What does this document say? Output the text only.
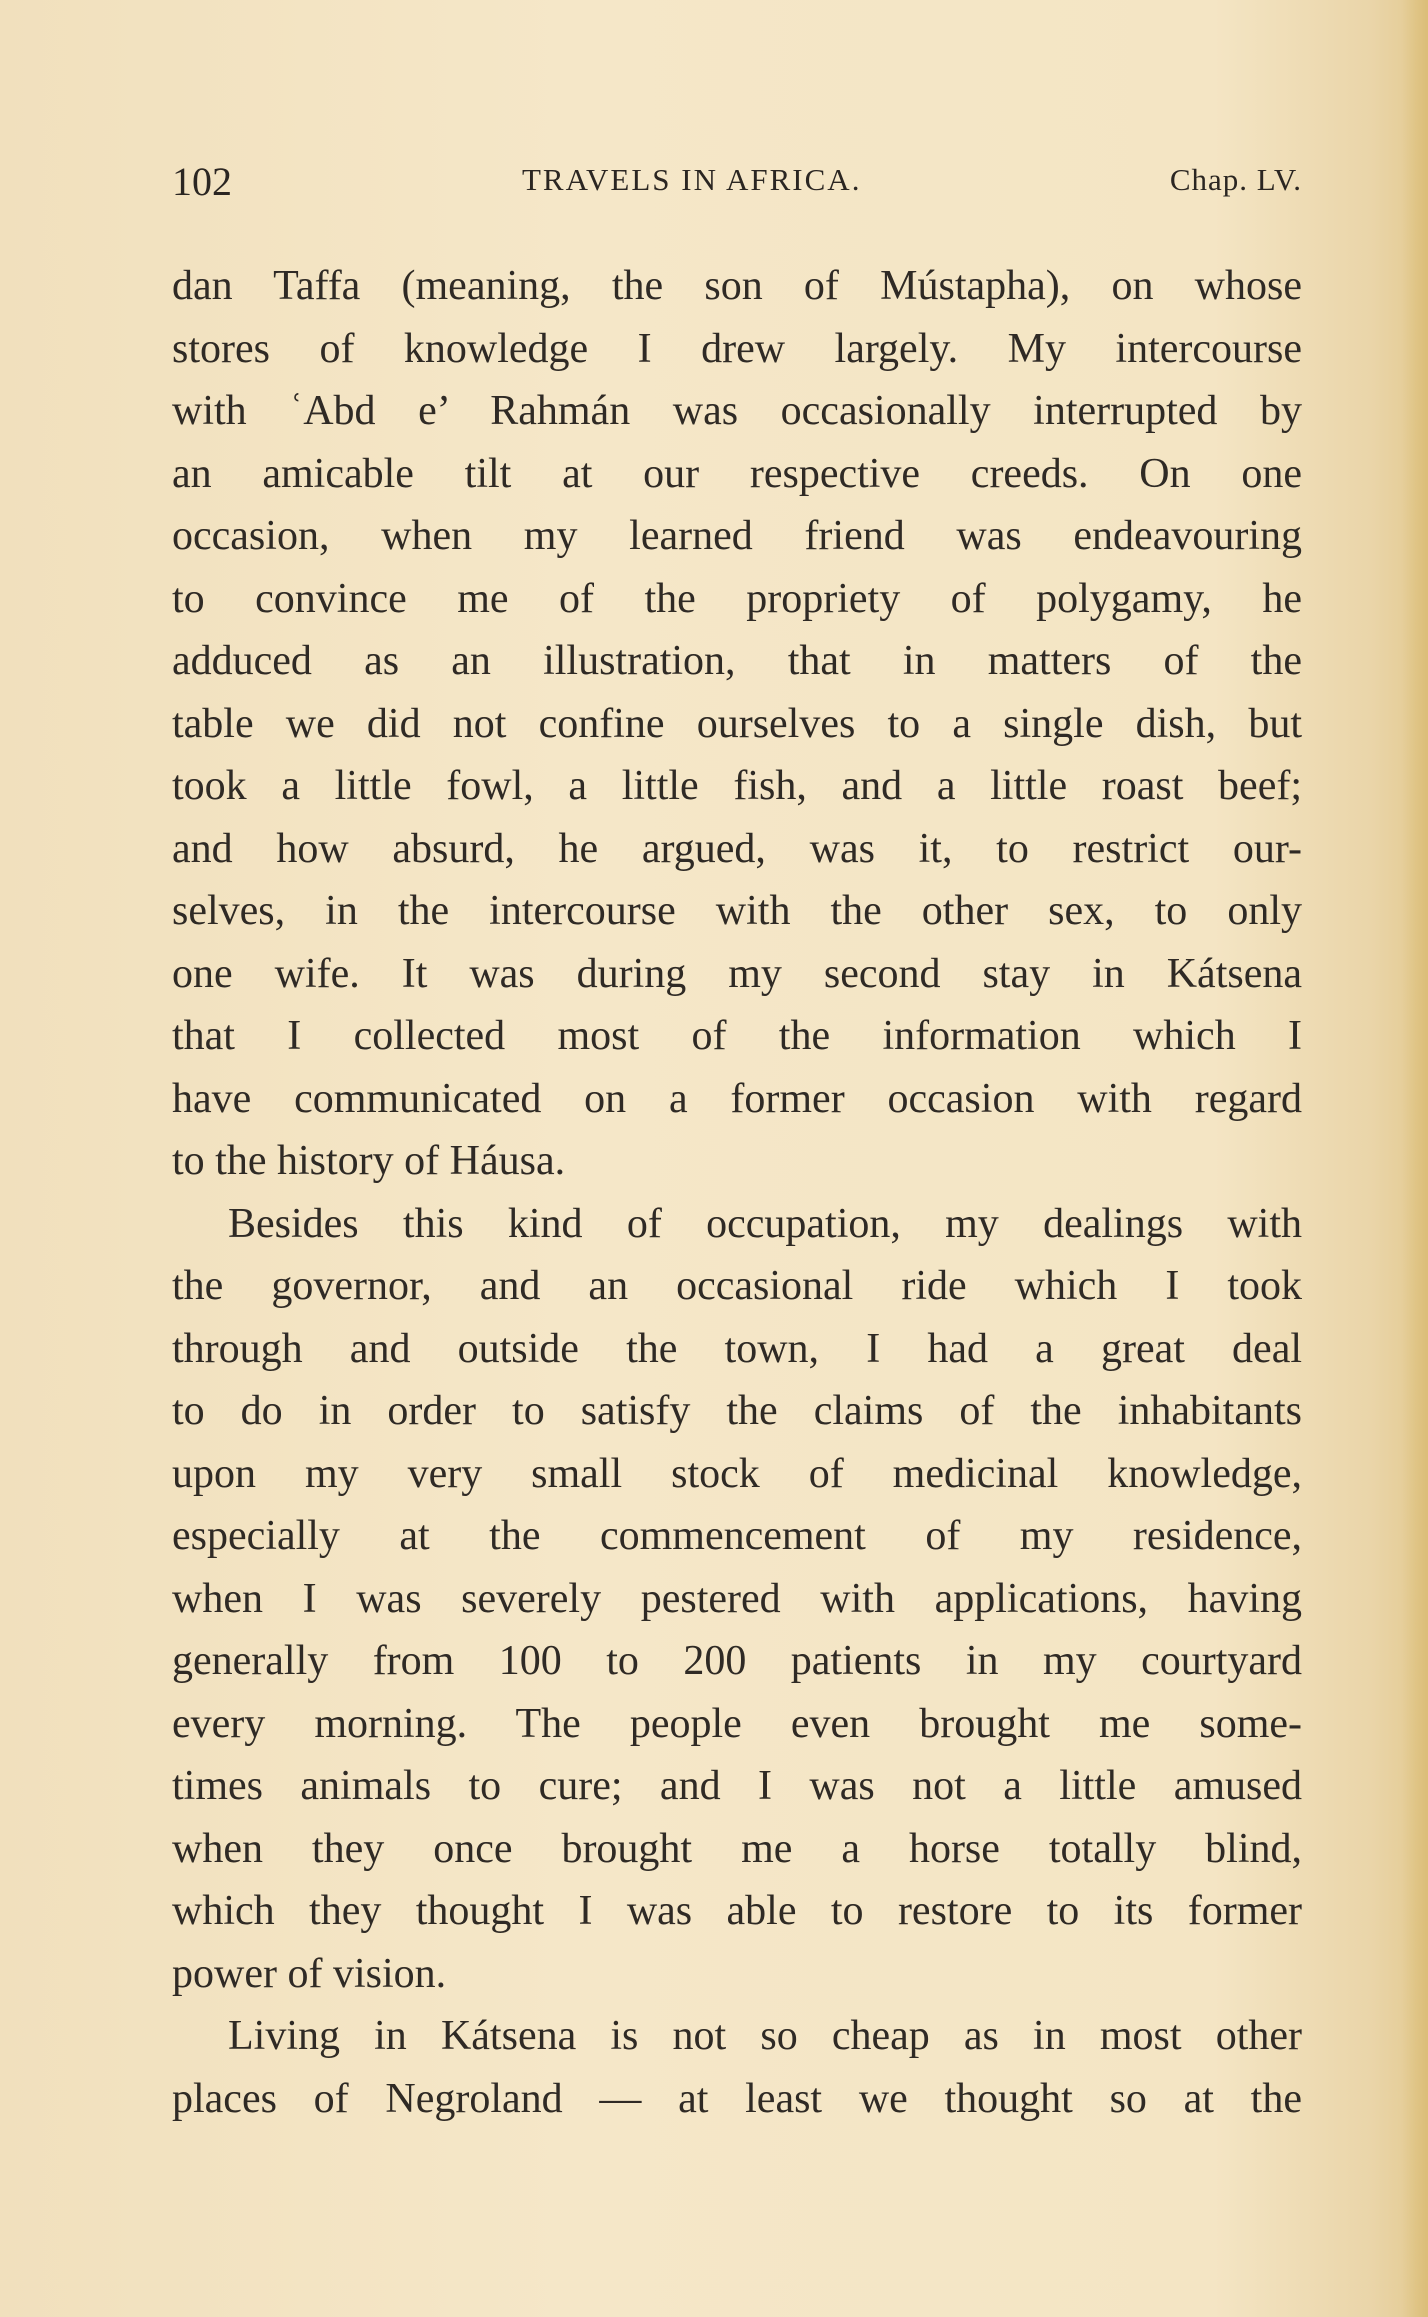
102	TRAVELS IN AFRICA.	Chap. LV.
dan Taffa (meaning, the son of Mústapha), on whose
stores of knowledge I drew largely. My intercourse
with ʿAbd e’ Rahmán was occasionally interrupted by
an amicable tilt at our respective creeds. On one
occasion, when my learned friend was endeavouring
to convince me of the propriety of polygamy, he
adduced as an illustration, that in matters of the
table we did not confine ourselves to a single dish, but
took a little fowl, a little fish, and a little roast beef;
and how absurd, he argued, was it, to restrict our-
selves, in the intercourse with the other sex, to only
one wife. It was during my second stay in Kátsena
that I collected most of the information which I
have communicated on a former occasion with regard
to the history of Háusa.
Besides this kind of occupation, my dealings with
the governor, and an occasional ride which I took
through and outside the town, I had a great deal
to do in order to satisfy the claims of the inhabitants
upon my very small stock of medicinal knowledge,
especially at the commencement of my residence,
when I was severely pestered with applications, having
generally from 100 to 200 patients in my courtyard
every morning. The people even brought me some-
times animals to cure; and I was not a little amused
when they once brought me a horse totally blind,
which they thought I was able to restore to its former
power of vision.
Living in Kátsena is not so cheap as in most other
places of Negroland — at least we thought so at the
